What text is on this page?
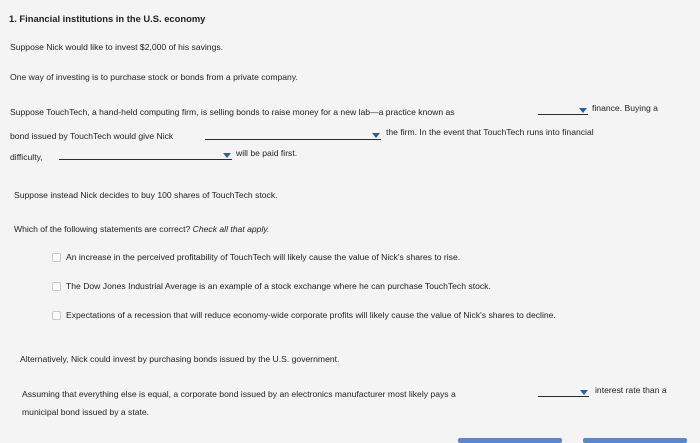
1. Financial institutions in the U.S. economy
Suppose Nick would like to invest $2,000 of his savings.
One way of investing is to purchase stock or bonds from a private company.
Suppose TouchTech, a hand-held computing firm, is selling bonds to raise money for a new lab—a practice known as	finance. Buying a
bond issued by TouchTech would give Nick	the firm. In the event that TouchTech runs into financial
difficulty,	will be paid first.
Suppose instead Nick decides to buy 100 shares of TouchTech stock.
Which of the following statements are correct? Check all that apply.
An increase in the perceived profitability of TouchTech will likely cause the value of Nick's shares to rise.
The Dow Jones Industrial Average is an example of a stock exchange where he can purchase TouchTech stock.
Expectations of a recession that will reduce economy-wide corporate profits will likely cause the value of Nick's shares to decline.
Alternatively, Nick could invest by purchasing bonds issued by the U.S. government.
Assuming that everything else is equal, a corporate bond issued by an electronics manufacturer most likely pays a	interest rate than a
municipal bond issued by a state.
